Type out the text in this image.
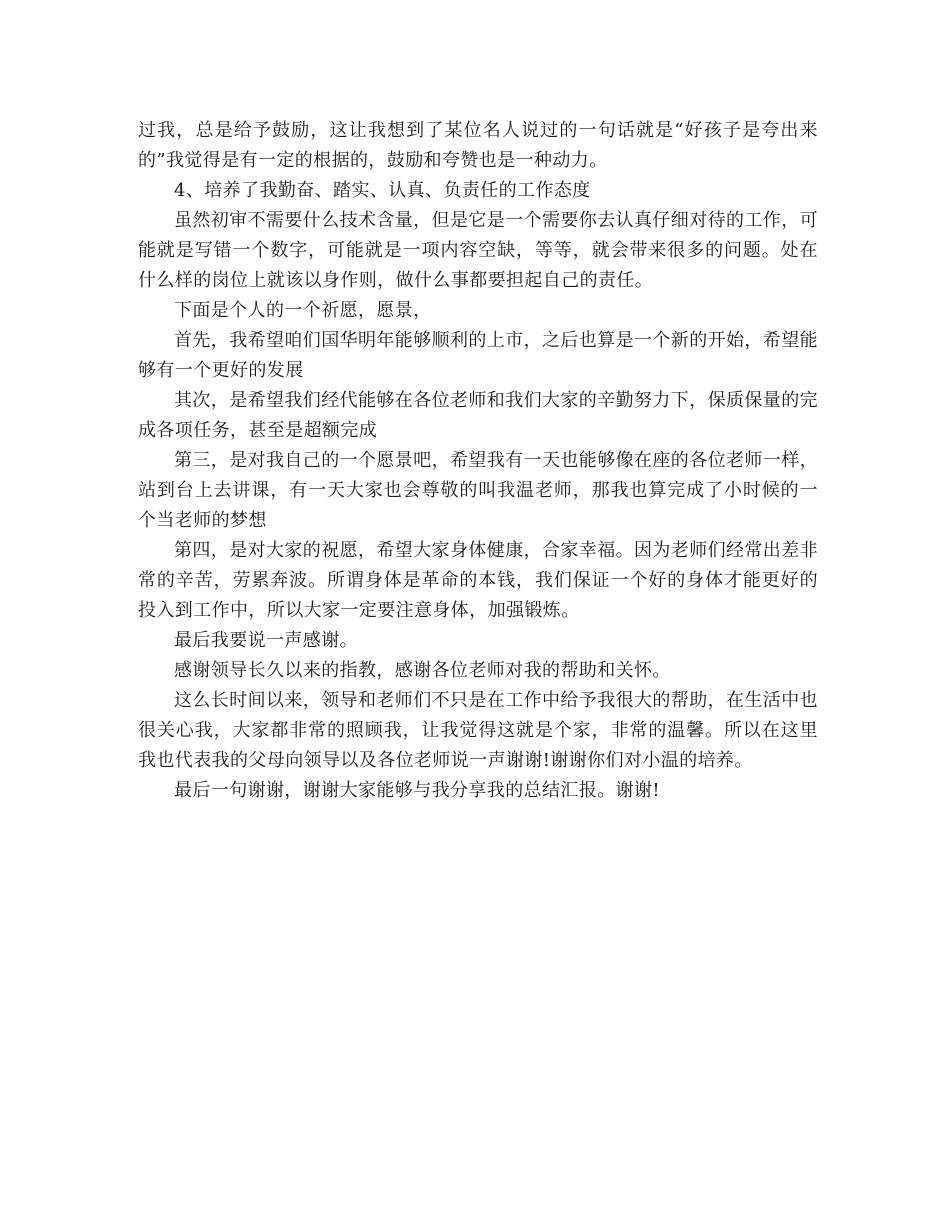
过我，总是给予鼓励，这让我想到了某位名人说过的一句话就是“好孩子是夸出来的”我觉得是有一定的根据的，鼓励和夸赞也是一种动力。

4、培养了我勤奋、踏实、认真、负责任的工作态度

虽然初审不需要什么技术含量，但是它是一个需要你去认真仔细对待的工作，可能就是写错一个数字，可能就是一项内容空缺，等等，就会带来很多的问题。处在什么样的岗位上就该以身作则，做什么事都要担起自己的责任。

下面是个人的一个祈愿，愿景，

首先，我希望咱们国华明年能够顺利的上市，之后也算是一个新的开始，希望能够有一个更好的发展

其次，是希望我们经代能够在各位老师和我们大家的辛勤努力下，保质保量的完成各项任务，甚至是超额完成

第三，是对我自己的一个愿景吧，希望我有一天也能够像在座的各位老师一样，站到台上去讲课，有一天大家也会尊敬的叫我温老师，那我也算完成了小时候的一个当老师的梦想

第四，是对大家的祝愿，希望大家身体健康，合家幸福。因为老师们经常出差非常的辛苦，劳累奔波。所谓身体是革命的本钱，我们保证一个好的身体才能更好的投入到工作中，所以大家一定要注意身体，加强锻炼。

最后我要说一声感谢。

感谢领导长久以来的指教，感谢各位老师对我的帮助和关怀。

这么长时间以来，领导和老师们不只是在工作中给予我很大的帮助，在生活中也很关心我，大家都非常的照顾我，让我觉得这就是个家，非常的温馨。所以在这里我也代表我的父母向领导以及各位老师说一声谢谢!谢谢你们对小温的培养。

最后一句谢谢，谢谢大家能够与我分享我的总结汇报。谢谢!
